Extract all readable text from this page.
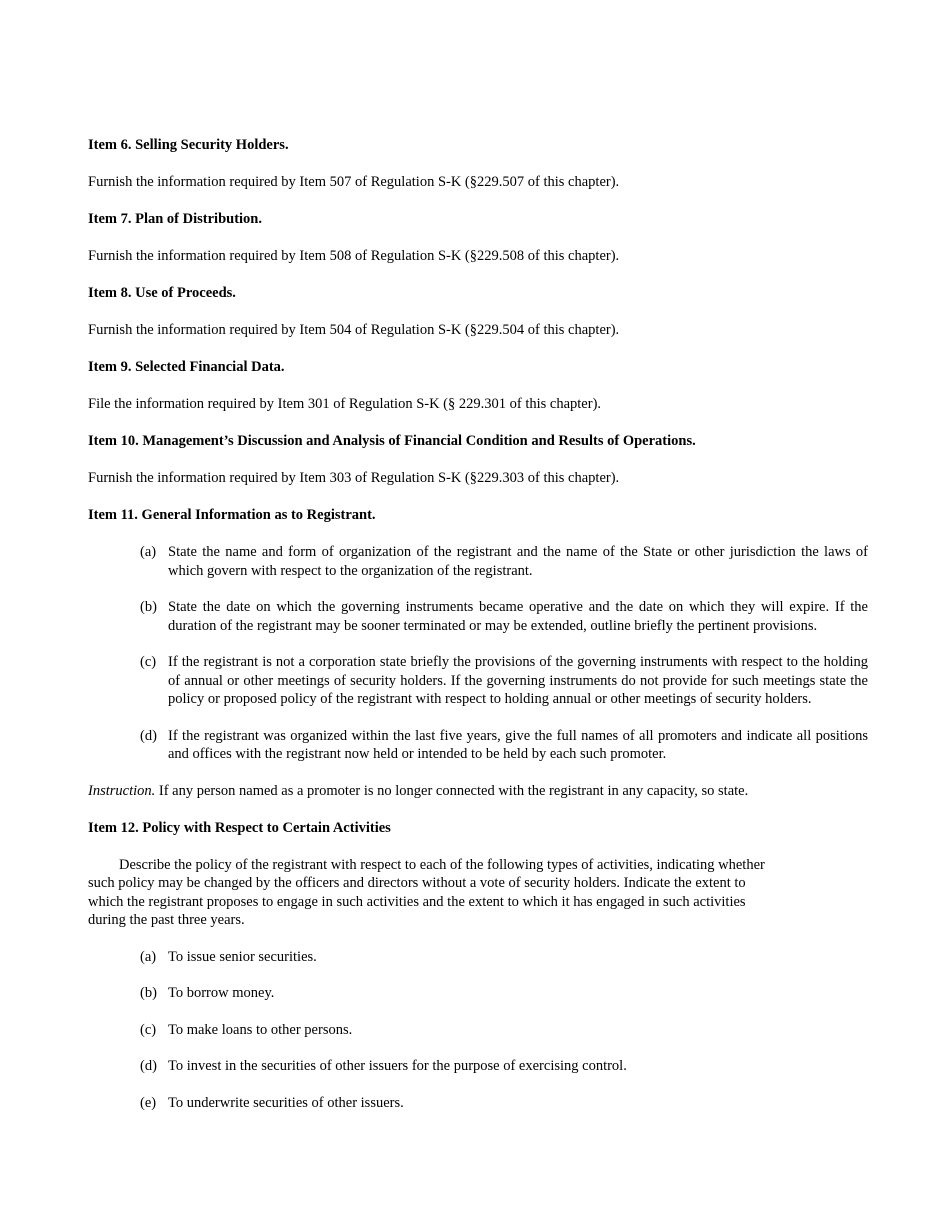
Item 6. Selling Security Holders.

Furnish the information required by Item 507 of Regulation S-K (§229.507 of this chapter).

Item 7. Plan of Distribution.

Furnish the information required by Item 508 of Regulation S-K (§229.508 of this chapter).

Item 8. Use of Proceeds.

Furnish the information required by Item 504 of Regulation S-K (§229.504 of this chapter).

Item 9. Selected Financial Data.

File the information required by Item 301 of Regulation S-K (§ 229.301 of this chapter).

Item 10. Management’s Discussion and Analysis of Financial Condition and Results of Operations.

Furnish the information required by Item 303 of Regulation S-K (§229.303 of this chapter).

Item 11. General Information as to Registrant.

(a) State the name and form of organization of the registrant and the name of the State or other jurisdiction the laws of which govern with respect to the organization of the registrant.
(b) State the date on which the governing instruments became operative and the date on which they will expire. If the duration of the registrant may be sooner terminated or may be extended, outline briefly the pertinent provisions.
(c) If the registrant is not a corporation state briefly the provisions of the governing instruments with respect to the holding of annual or other meetings of security holders. If the governing instruments do not provide for such meetings state the policy or proposed policy of the registrant with respect to holding annual or other meetings of security holders.
(d) If the registrant was organized within the last five years, give the full names of all promoters and indicate all positions and offices with the registrant now held or intended to be held by each such promoter.

Instruction. If any person named as a promoter is no longer connected with the registrant in any capacity, so state.

Item 12. Policy with Respect to Certain Activities

Describe the policy of the registrant with respect to each of the following types of activities, indicating whether such policy may be changed by the officers and directors without a vote of security holders. Indicate the extent to which the registrant proposes to engage in such activities and the extent to which it has engaged in such activities during the past three years.

(a) To issue senior securities.
(b) To borrow money.
(c) To make loans to other persons.
(d) To invest in the securities of other issuers for the purpose of exercising control.
(e) To underwrite securities of other issuers.
